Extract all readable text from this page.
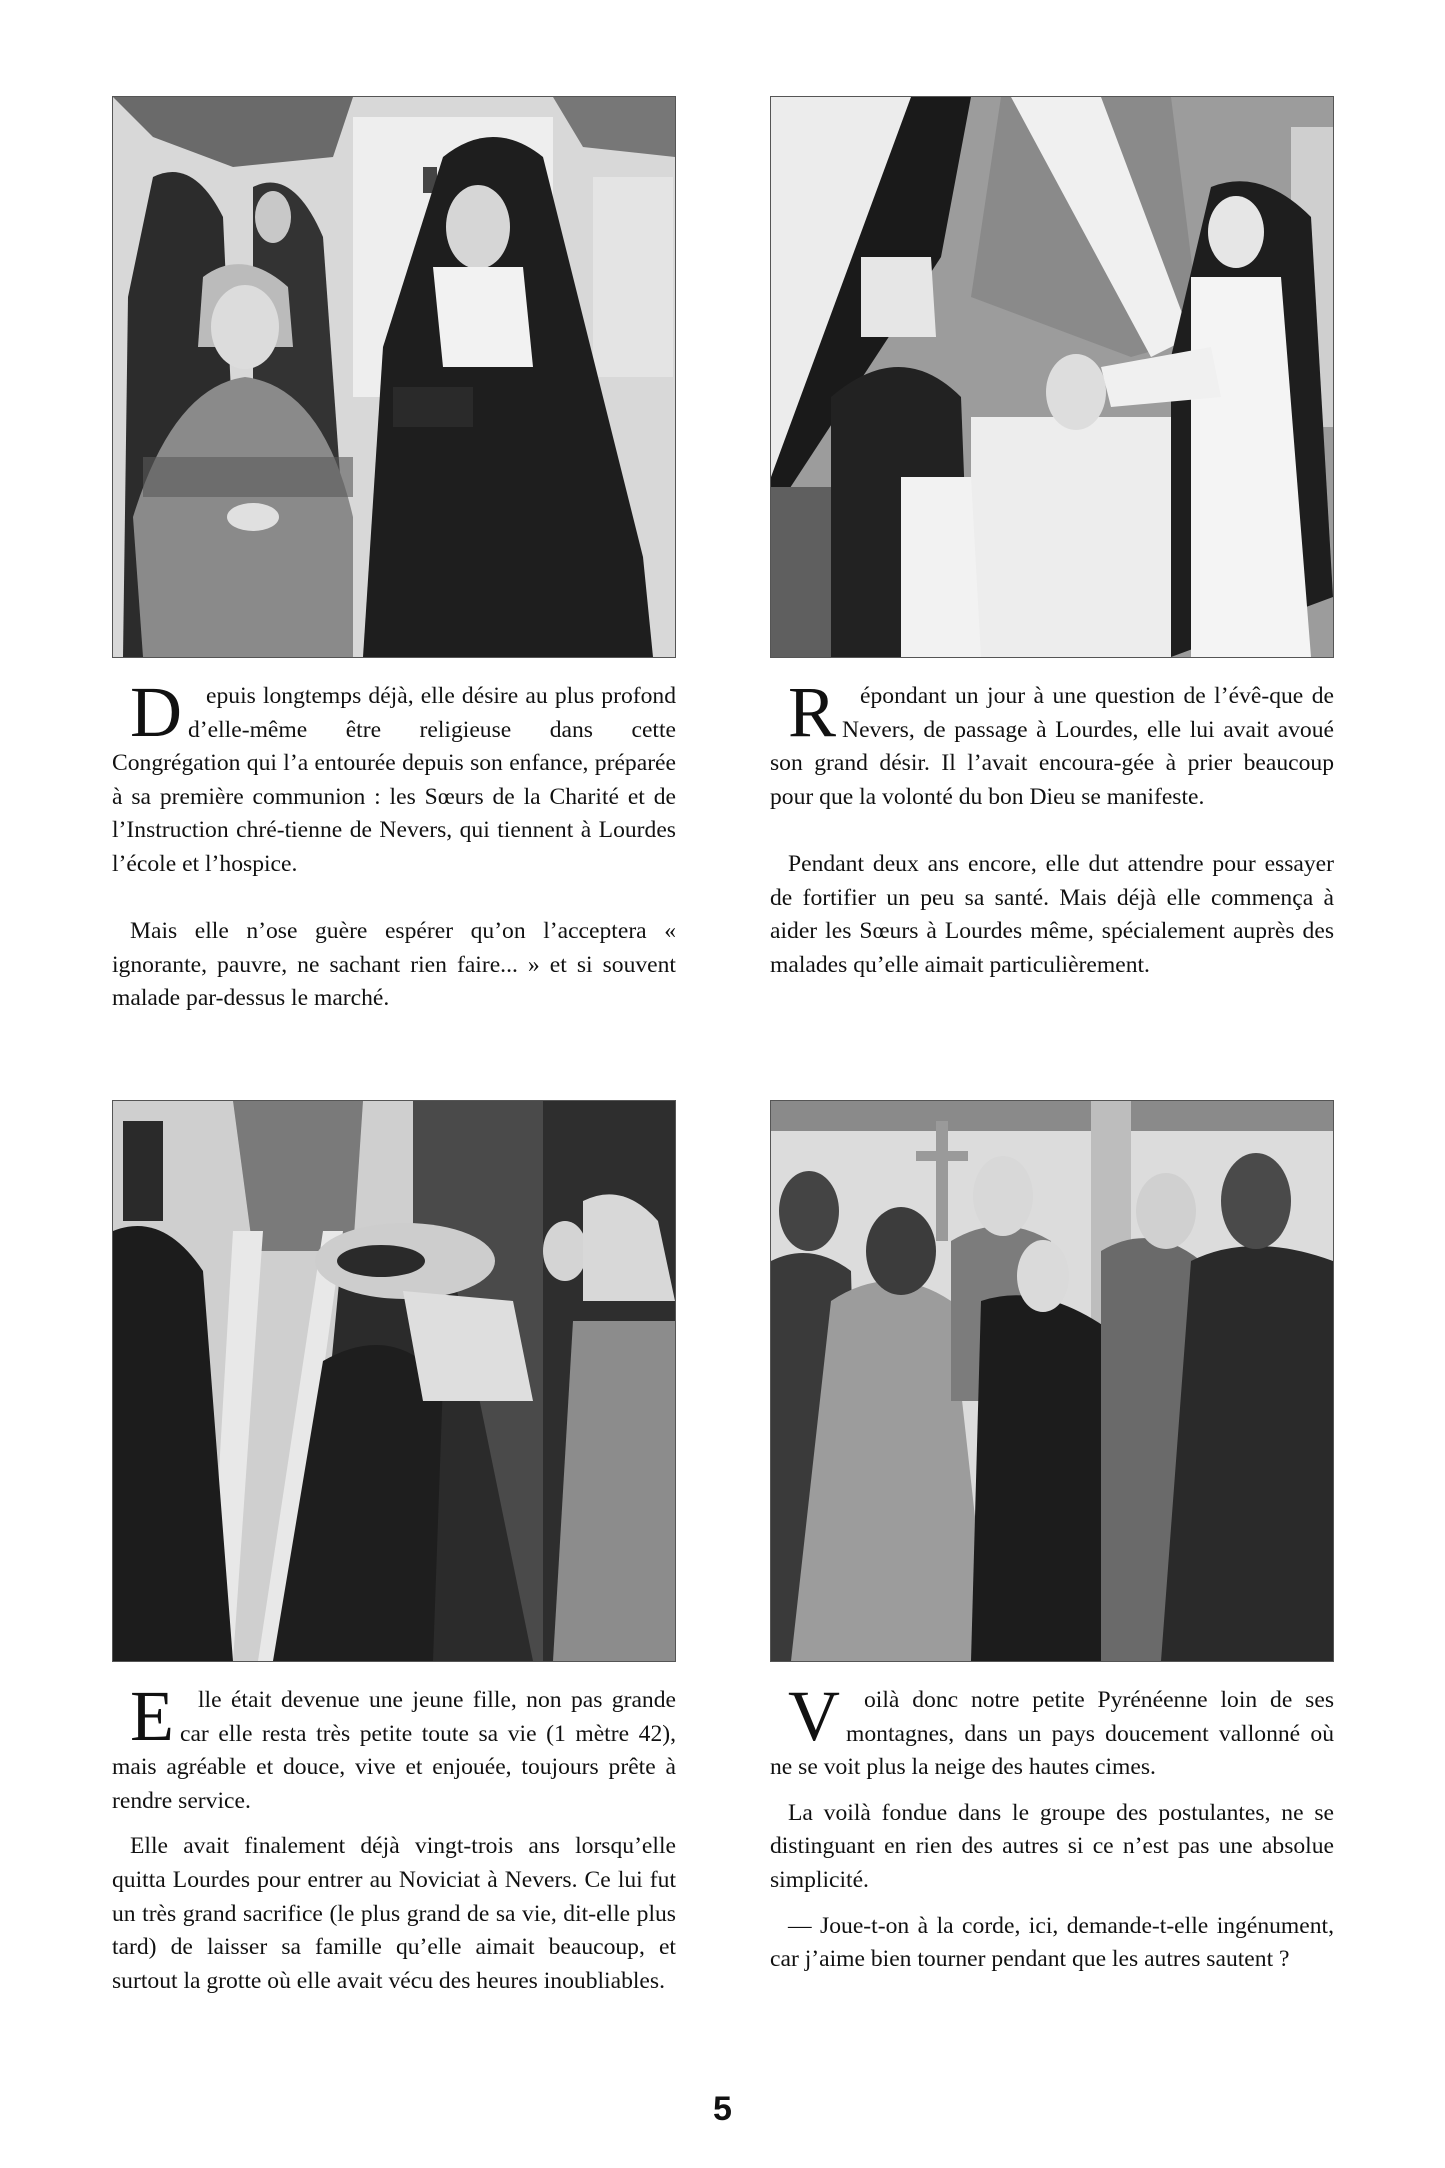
D epuis longtemps déjà, elle désire au plus profond d’elle-même être religieuse dans cette Congrégation qui l’a entourée depuis son enfance, préparée à sa première communion : les Sœurs de la Charité et de l’Instruction chré-tienne de Nevers, qui tiennent à Lourdes l’école et l’hospice.

Mais elle n’ose guère espérer qu’on l’acceptera « ignorante, pauvre, ne sachant rien faire... » et si souvent malade par-dessus le marché.

R épondant un jour à une question de l’évê-que de Nevers, de passage à Lourdes, elle lui avait avoué son grand désir. Il l’avait encoura-gée à prier beaucoup pour que la volonté du bon Dieu se manifeste.

Pendant deux ans encore, elle dut attendre pour essayer de fortifier un peu sa santé. Mais déjà elle commença à aider les Sœurs à Lourdes même, spécialement auprès des malades qu’elle aimait particulièrement.

E lle était devenue une jeune fille, non pas grande car elle resta très petite toute sa vie (1 mètre 42), mais agréable et douce, vive et enjouée, toujours prête à rendre service.

Elle avait finalement déjà vingt-trois ans lorsqu’elle quitta Lourdes pour entrer au Noviciat à Nevers. Ce lui fut un très grand sacrifice (le plus grand de sa vie, dit-elle plus tard) de laisser sa famille qu’elle aimait beaucoup, et surtout la grotte où elle avait vécu des heures inoubliables.

V oilà donc notre petite Pyrénéenne loin de ses montagnes, dans un pays doucement vallonné où ne se voit plus la neige des hautes cimes.

La voilà fondue dans le groupe des postulantes, ne se distinguant en rien des autres si ce n’est pas une absolue simplicité.

— Joue-t-on à la corde, ici, demande-t-elle ingénument, car j’aime bien tourner pendant que les autres sautent ?

5
